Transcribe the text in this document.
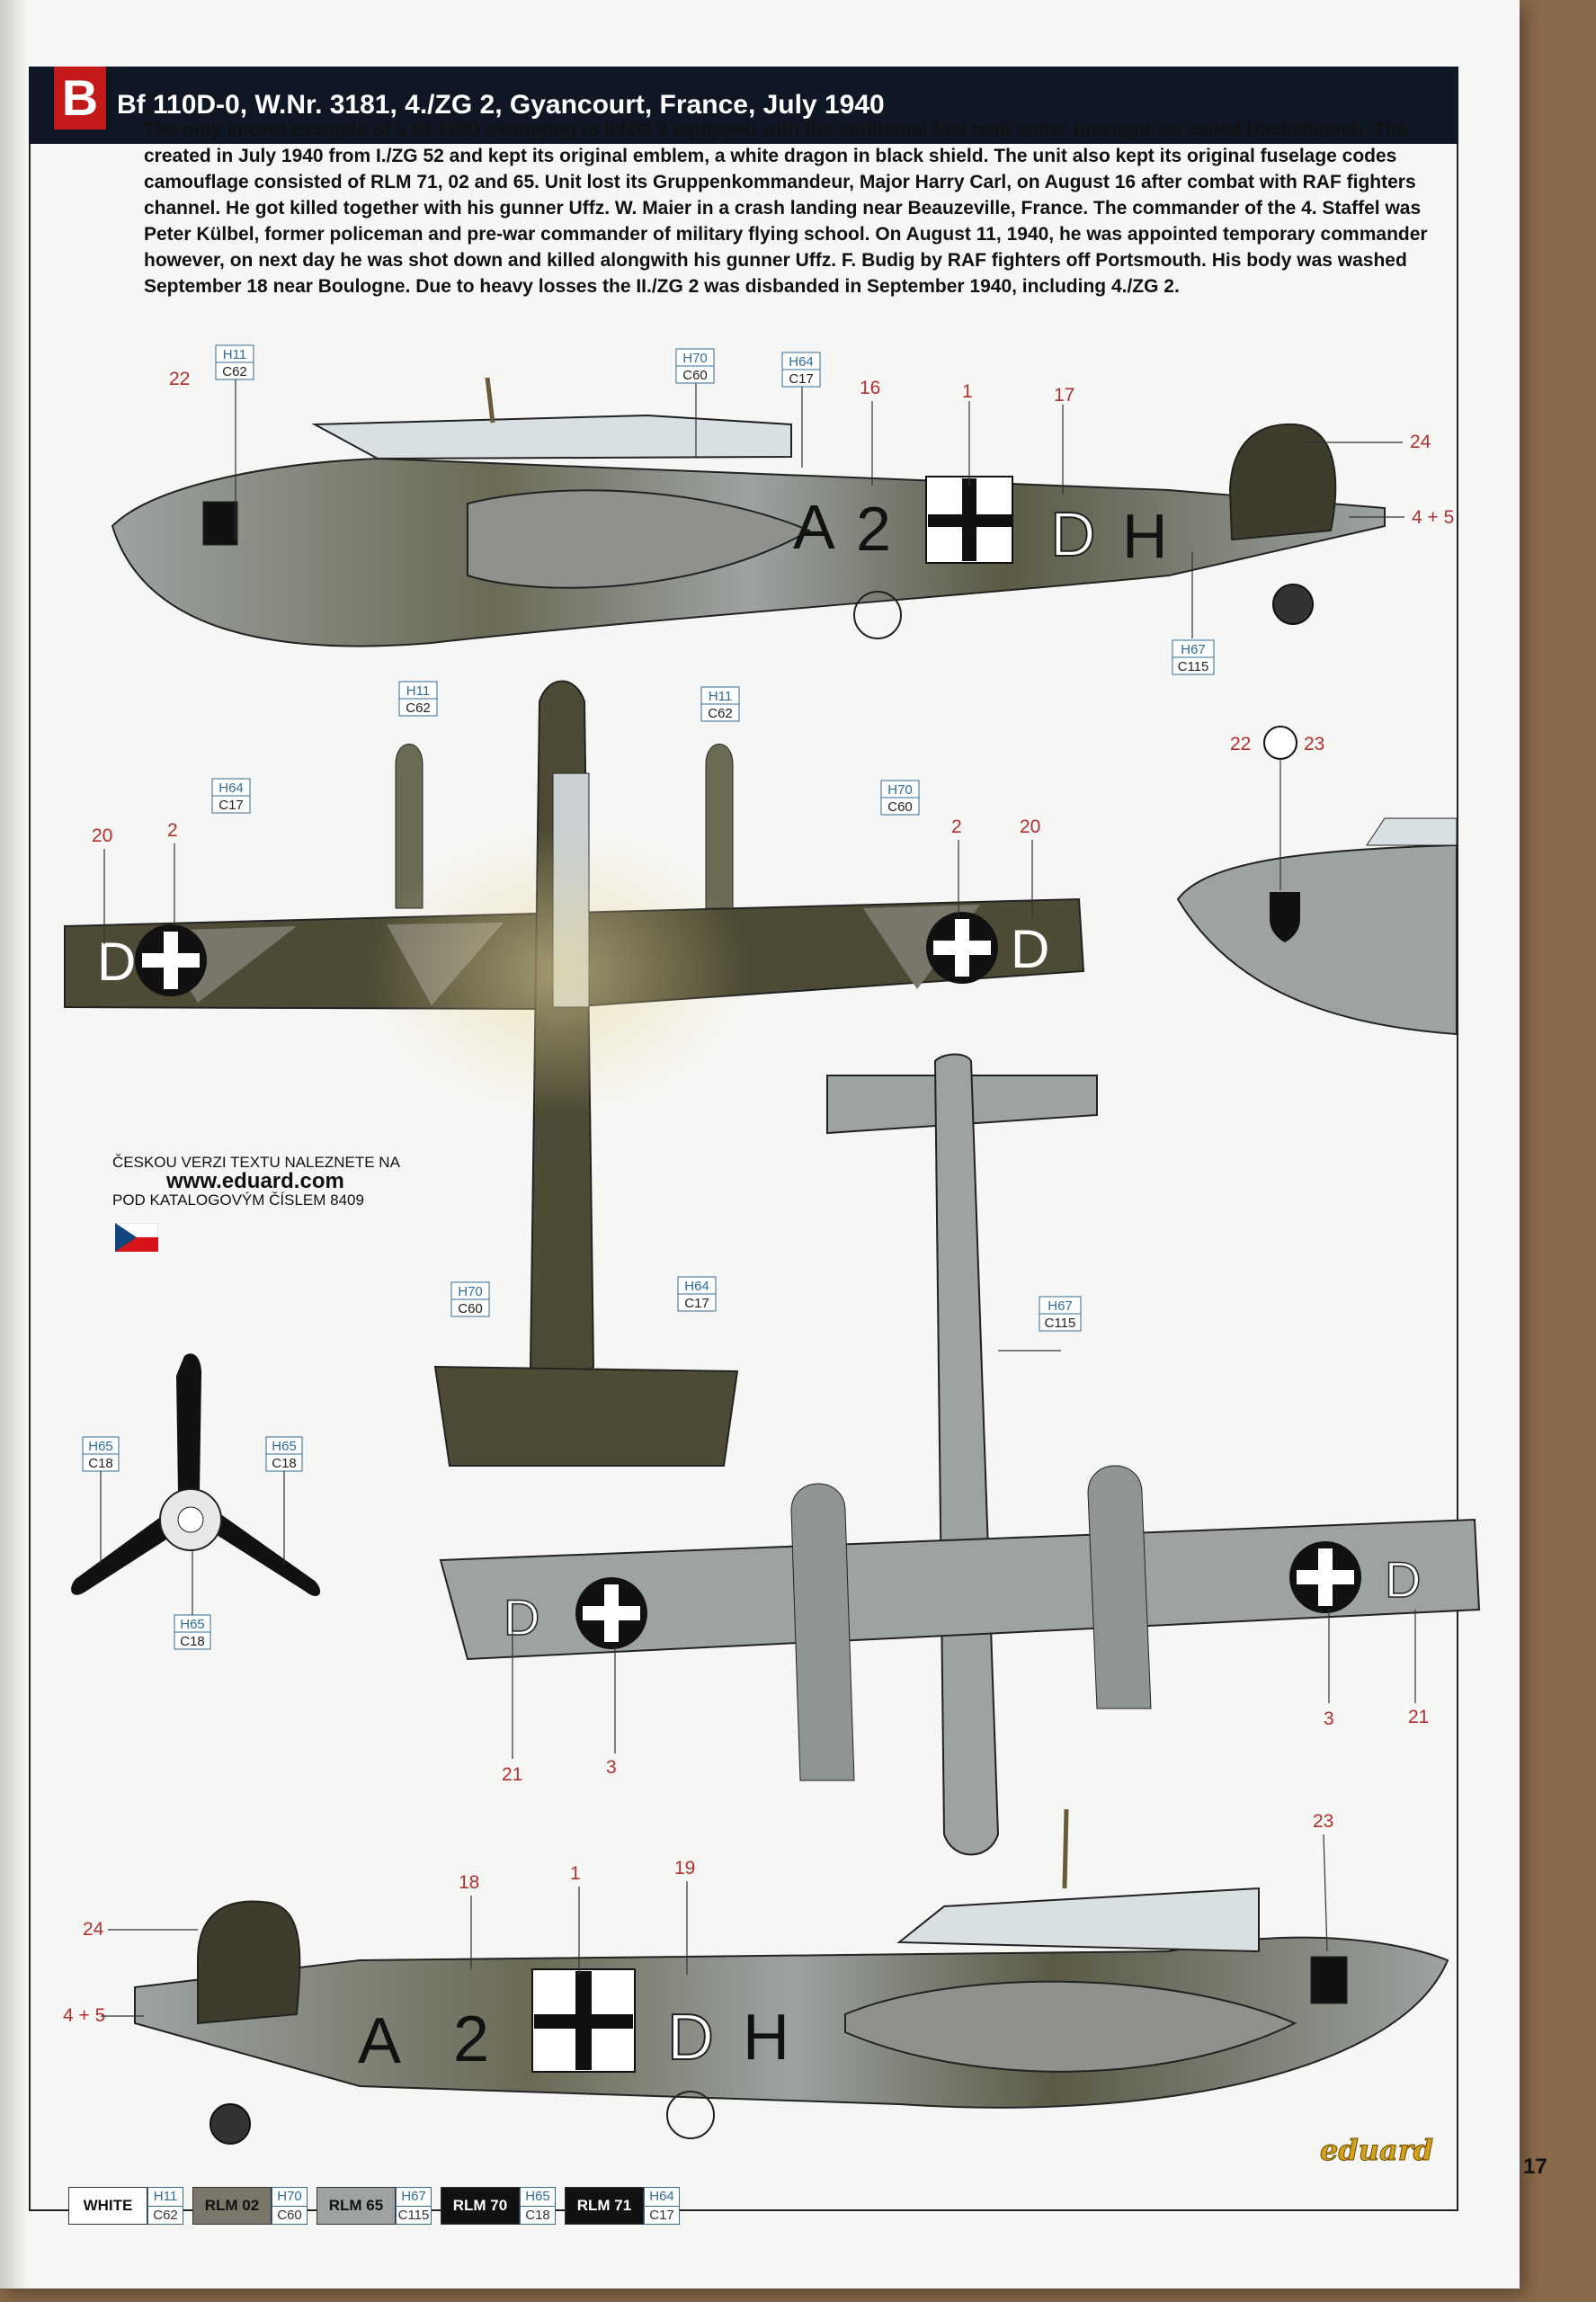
B Bf 110D-0, W.Nr. 3181, 4./ZG 2, Gyancourt, France, July 1940

The only known example of a Bf 110D belonging to II./ZG 2 equipped with the additional fuel tank under fuselage, so called Dackelbauch. The

created in July 1940 from I./ZG 52 and kept its original emblem, a white dragon in black shield. The unit also kept its original fuselage codes

camouflage consisted of RLM 71, 02 and 65. Unit lost its Gruppenkommandeur, Major Harry Carl, on August 16 after combat with RAF fighters

channel. He got killed together with his gunner Uffz. W. Maier in a crash landing near Beauzeville, France. The commander of the 4. Staffel was

Peter Külbel, former policeman and pre-war commander of military flying school. On August 11, 1940, he was appointed temporary commander

however, on next day he was shot down and killed alongwith his gunner Uffz. F. Budig by RAF fighters off Portsmouth. His body was washed

September 18 near Boulogne. Due to heavy losses the II./ZG 2 was disbanded in September 1940, including 4./ZG 2.

A 2	D H
22	16	1	17
24
4 + 5
H11
C62
H70
C60
H64
C17
H67
C115
D	D
20	2	2	20
H11
C62
H11
C62
H64
C17
H70
C60
H70
C60
H64
C17
22	23
D
D
21	3
3	21
H67
C115
H65
C18
H65
C18
H65
C18
A 2	D H
24
4 + 5
18	1	19
23
ČESKOU VERZI TEXTU NALEZNETE NA
www.eduard.com
POD KATALOGOVÝM ČÍSLEM 8409
eduard	17
WHITE
H11
C62
RLM 02
H70
C60
RLM 65
H67
C115
RLM 70
H65
C18
RLM 71
H64
C17
